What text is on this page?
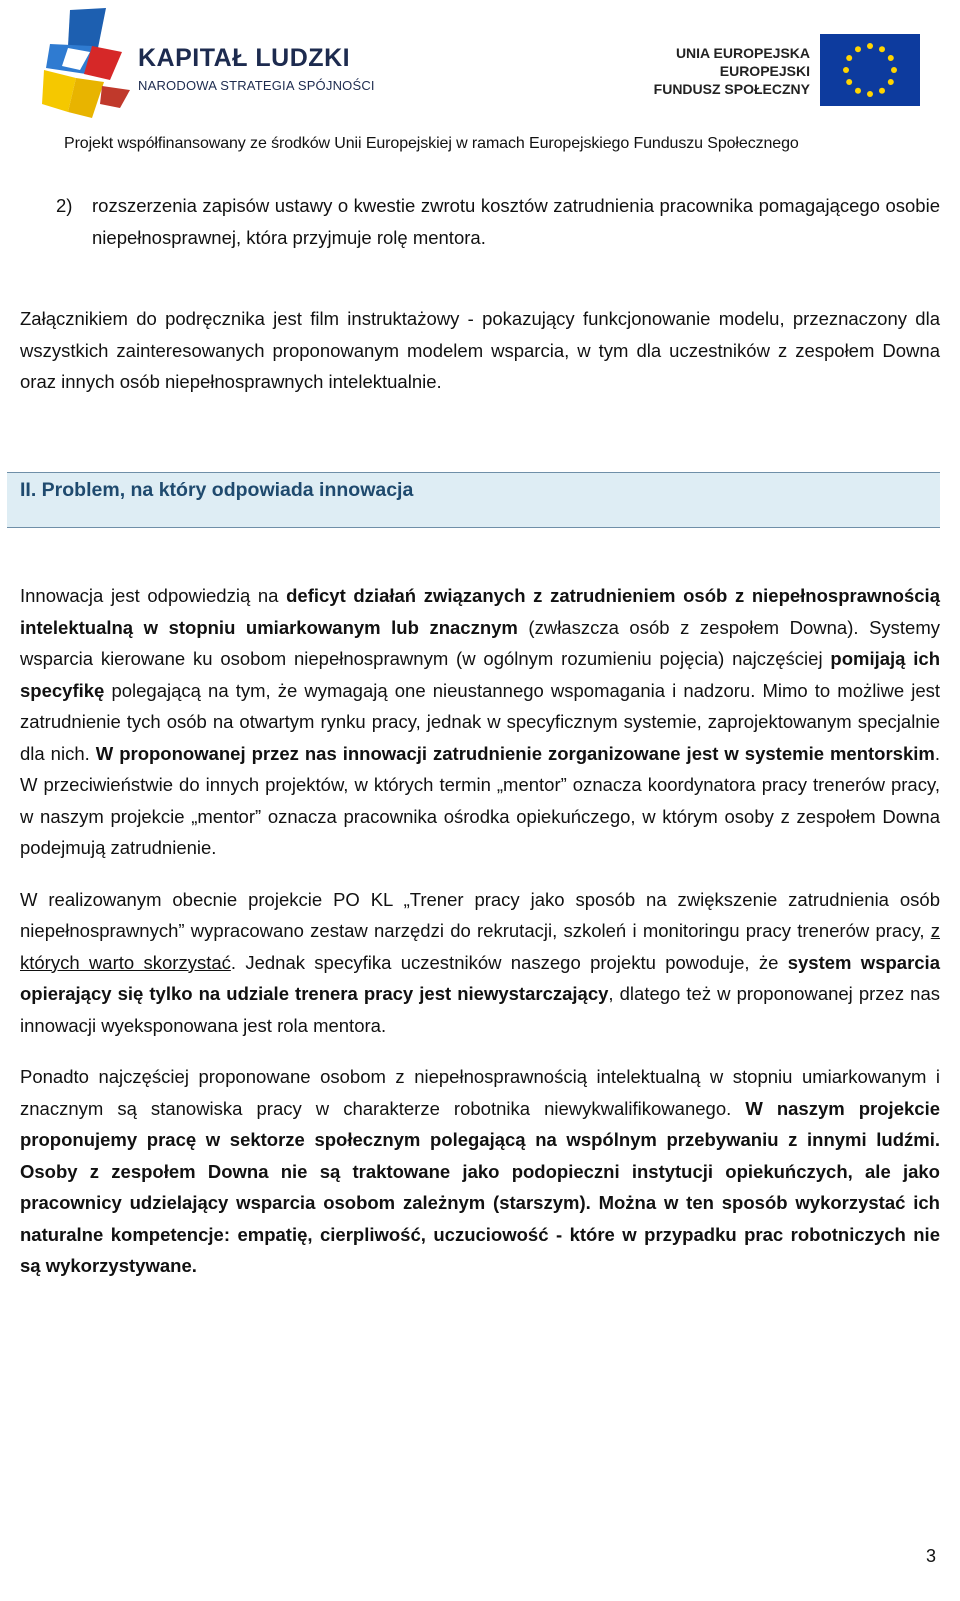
KAPITAŁ LUDZKI
NARODOWA STRATEGIA SPÓJNOŚCI
UNIA EUROPEJSKA
EUROPEJSKI
FUNDUSZ SPOŁECZNY
Projekt współfinansowany ze środków Unii Europejskiej w ramach Europejskiego Funduszu Społecznego
2)	rozszerzenia zapisów ustawy o kwestie zwrotu kosztów zatrudnienia pracownika pomagającego osobie niepełnosprawnej, która przyjmuje rolę mentora.

Załącznikiem do podręcznika jest film instruktażowy - pokazujący funkcjonowanie modelu, przeznaczony dla wszystkich zainteresowanych proponowanym modelem wsparcia, w tym dla uczestników z zespołem Downa oraz innych osób niepełnosprawnych intelektualnie.

II. Problem, na który odpowiada innowacja

Innowacja jest odpowiedzią na deficyt działań związanych z zatrudnieniem osób z niepełnosprawnością intelektualną w stopniu umiarkowanym lub znacznym (zwłaszcza osób z zespołem Downa). Systemy wsparcia kierowane ku osobom niepełnosprawnym (w ogólnym rozumieniu pojęcia) najczęściej pomijają ich specyfikę polegającą na tym, że wymagają one nieustannego wspomagania i nadzoru. Mimo to możliwe jest zatrudnienie tych osób na otwartym rynku pracy, jednak w specyficznym systemie, zaprojektowanym specjalnie dla nich. W proponowanej przez nas innowacji zatrudnienie zorganizowane jest w systemie mentorskim. W przeciwieństwie do innych projektów, w których termin „mentor” oznacza koordynatora pracy trenerów pracy, w naszym projekcie „mentor” oznacza pracownika ośrodka opiekuńczego, w którym osoby z zespołem Downa podejmują zatrudnienie.

W realizowanym obecnie projekcie PO KL „Trener pracy jako sposób na zwiększenie zatrudnienia osób niepełnosprawnych” wypracowano zestaw narzędzi do rekrutacji, szkoleń i monitoringu pracy trenerów pracy, z których warto skorzystać. Jednak specyfika uczestników naszego projektu powoduje, że system wsparcia opierający się tylko na udziale trenera pracy jest niewystarczający, dlatego też w proponowanej przez nas innowacji wyeksponowana jest rola mentora.

Ponadto najczęściej proponowane osobom z niepełnosprawnością intelektualną w stopniu umiarkowanym i znacznym są stanowiska pracy w charakterze robotnika niewykwalifikowanego. W naszym projekcie proponujemy pracę w sektorze społecznym polegającą na wspólnym przebywaniu z innymi ludźmi. Osoby z zespołem Downa nie są traktowane jako podopieczni instytucji opiekuńczych, ale jako pracownicy udzielający wsparcia osobom zależnym (starszym). Można w ten sposób wykorzystać ich naturalne kompetencje: empatię, cierpliwość, uczuciowość - które w przypadku prac robotniczych nie są wykorzystywane.

3
